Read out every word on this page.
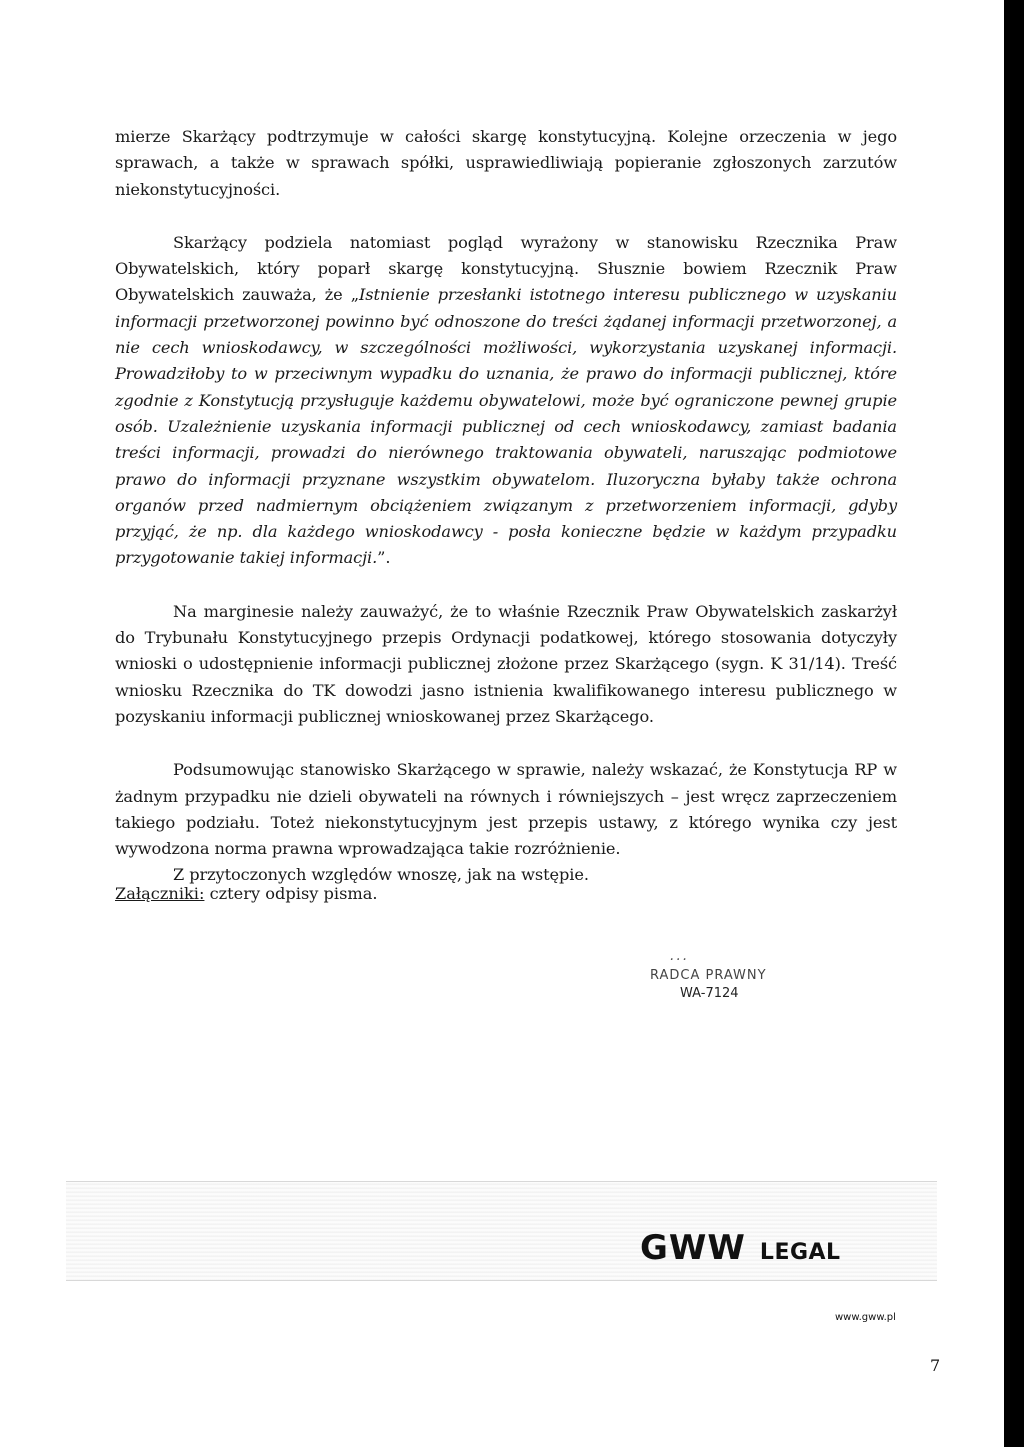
mierze Skarżący podtrzymuje w całości skargę konstytucyjną. Kolejne orzeczenia w jego sprawach, a także w sprawach spółki, usprawiedliwiają popieranie zgłoszonych zarzutów niekonstytucyjności.

Skarżący podziela natomiast pogląd wyrażony w stanowisku Rzecznika Praw Obywatelskich, który poparł skargę konstytucyjną. Słusznie bowiem Rzecznik Praw Obywatelskich zauważa, że „Istnienie przesłanki istotnego interesu publicznego w uzyskaniu informacji przetworzonej powinno być odnoszone do treści żądanej informacji przetworzonej, a nie cech wnioskodawcy, w szczególności możliwości, wykorzystania uzyskanej informacji. Prowadziłoby to w przeciwnym wypadku do uznania, że prawo do informacji publicznej, które zgodnie z Konstytucją przysługuje każdemu obywatelowi, może być ograniczone pewnej grupie osób. Uzależnienie uzyskania informacji publicznej od cech wnioskodawcy, zamiast badania treści informacji, prowadzi do nierównego traktowania obywateli, naruszając podmiotowe prawo do informacji przyznane wszystkim obywatelom. Iluzoryczna byłaby także ochrona organów przed nadmiernym obciążeniem związanym z przetworzeniem informacji, gdyby przyjąć, że np. dla każdego wnioskodawcy - posła konieczne będzie w każdym przypadku przygotowanie takiej informacji.”.

Na marginesie należy zauważyć, że to właśnie Rzecznik Praw Obywatelskich zaskarżył do Trybunału Konstytucyjnego przepis Ordynacji podatkowej, którego stosowania dotyczyły wnioski o udostępnienie informacji publicznej złożone przez Skarżącego (sygn. K 31/14). Treść wniosku Rzecznika do TK dowodzi jasno istnienia kwalifikowanego interesu publicznego w pozyskaniu informacji publicznej wnioskowanej przez Skarżącego.

Podsumowując stanowisko Skarżącego w sprawie, należy wskazać, że Konstytucja RP w żadnym przypadku nie dzieli obywateli na równych i równiejszych – jest wręcz zaprzeczeniem takiego podziału. Toteż niekonstytucyjnym jest przepis ustawy, z którego wynika czy jest wywodzona norma prawna wprowadzająca takie rozróżnienie.

Z przytoczonych względów wnoszę, jak na wstępie.

Załączniki: cztery odpisy pisma.
...
RADCA PRAWNY
WA-7124
GWW LEGAL
www.gww.pl
7
